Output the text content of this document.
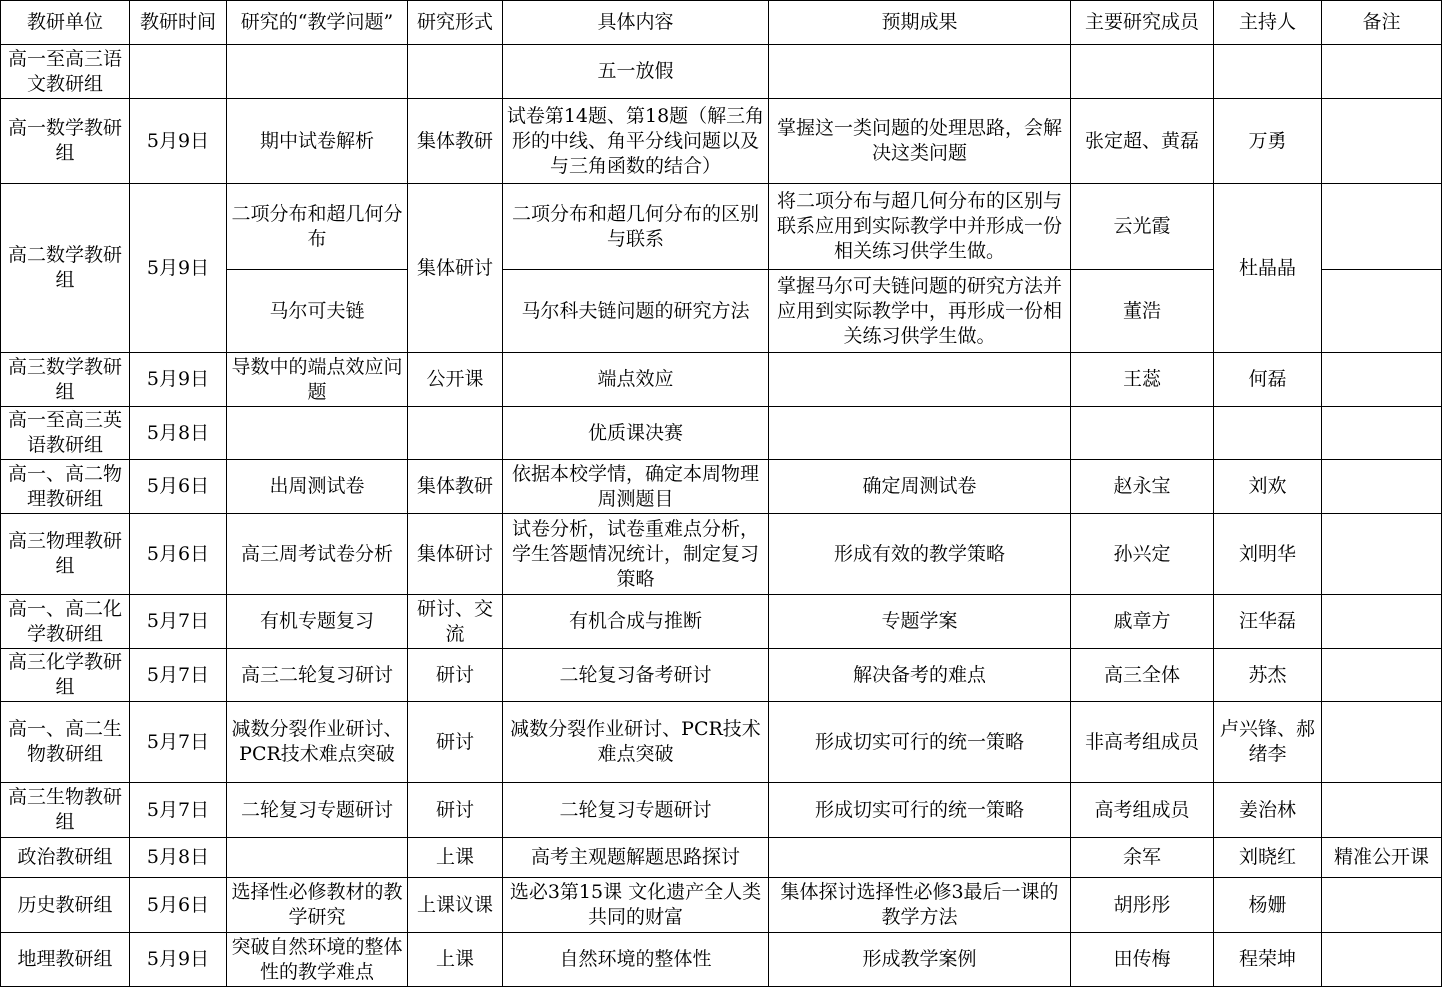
教研单位	教研时间	研究的“教学问题”	研究形式	具体内容	预期成果	主要研究成员	主持人	备注
高一至高三语文教研组				五一放假				
高一数学教研组	5月9日	期中试卷解析	集体教研	试卷第14题、第18题（解三角形的中线、角平分线问题以及与三角函数的结合）	掌握这一类问题的处理思路，会解决这类问题	张定超、黄磊	万勇	
高二数学教研组	5月9日	二项分布和超几何分布	集体研讨	二项分布和超几何分布的区别与联系	将二项分布与超几何分布的区别与联系应用到实际教学中并形成一份相关练习供学生做。	云光霞	杜晶晶	
		马尔可夫链		马尔科夫链问题的研究方法	掌握马尔可夫链问题的研究方法并应用到实际教学中，再形成一份相关练习供学生做。	董浩		
高三数学教研组	5月9日	导数中的端点效应问题	公开课	端点效应		王蕊	何磊	
高一至高三英语教研组	5月8日			优质课决赛				
高一、高二物理教研组	5月6日	出周测试卷	集体教研	依据本校学情，确定本周物理周测题目	确定周测试卷	赵永宝	刘欢	
高三物理教研组	5月6日	高三周考试卷分析	集体研讨	试卷分析，试卷重难点分析，学生答题情况统计，制定复习策略	形成有效的教学策略	孙兴定	刘明华	
高一、高二化学教研组	5月7日	有机专题复习	研讨、交流	有机合成与推断	专题学案	戚章方	汪华磊	
高三化学教研组	5月7日	高三二轮复习研讨	研讨	二轮复习备考研讨	解决备考的难点	高三全体	苏杰	
高一、高二生物教研组	5月7日	减数分裂作业研讨、PCR技术难点突破	研讨	减数分裂作业研讨、PCR技术难点突破	形成切实可行的统一策略	非高考组成员	卢兴锋、郝绪李	
高三生物教研组	5月7日	二轮复习专题研讨	研讨	二轮复习专题研讨	形成切实可行的统一策略	高考组成员	姜治林	
政治教研组	5月8日		上课	高考主观题解题思路探讨		余军	刘晓红	精准公开课
历史教研组	5月6日	选择性必修教材的教学研究	上课议课	选必3第15课 文化遗产全人类共同的财富	集体探讨选择性必修3最后一课的教学方法	胡彤彤	杨姗	
地理教研组	5月9日	突破自然环境的整体性的教学难点	上课	自然环境的整体性	形成教学案例	田传梅	程荣坤	
